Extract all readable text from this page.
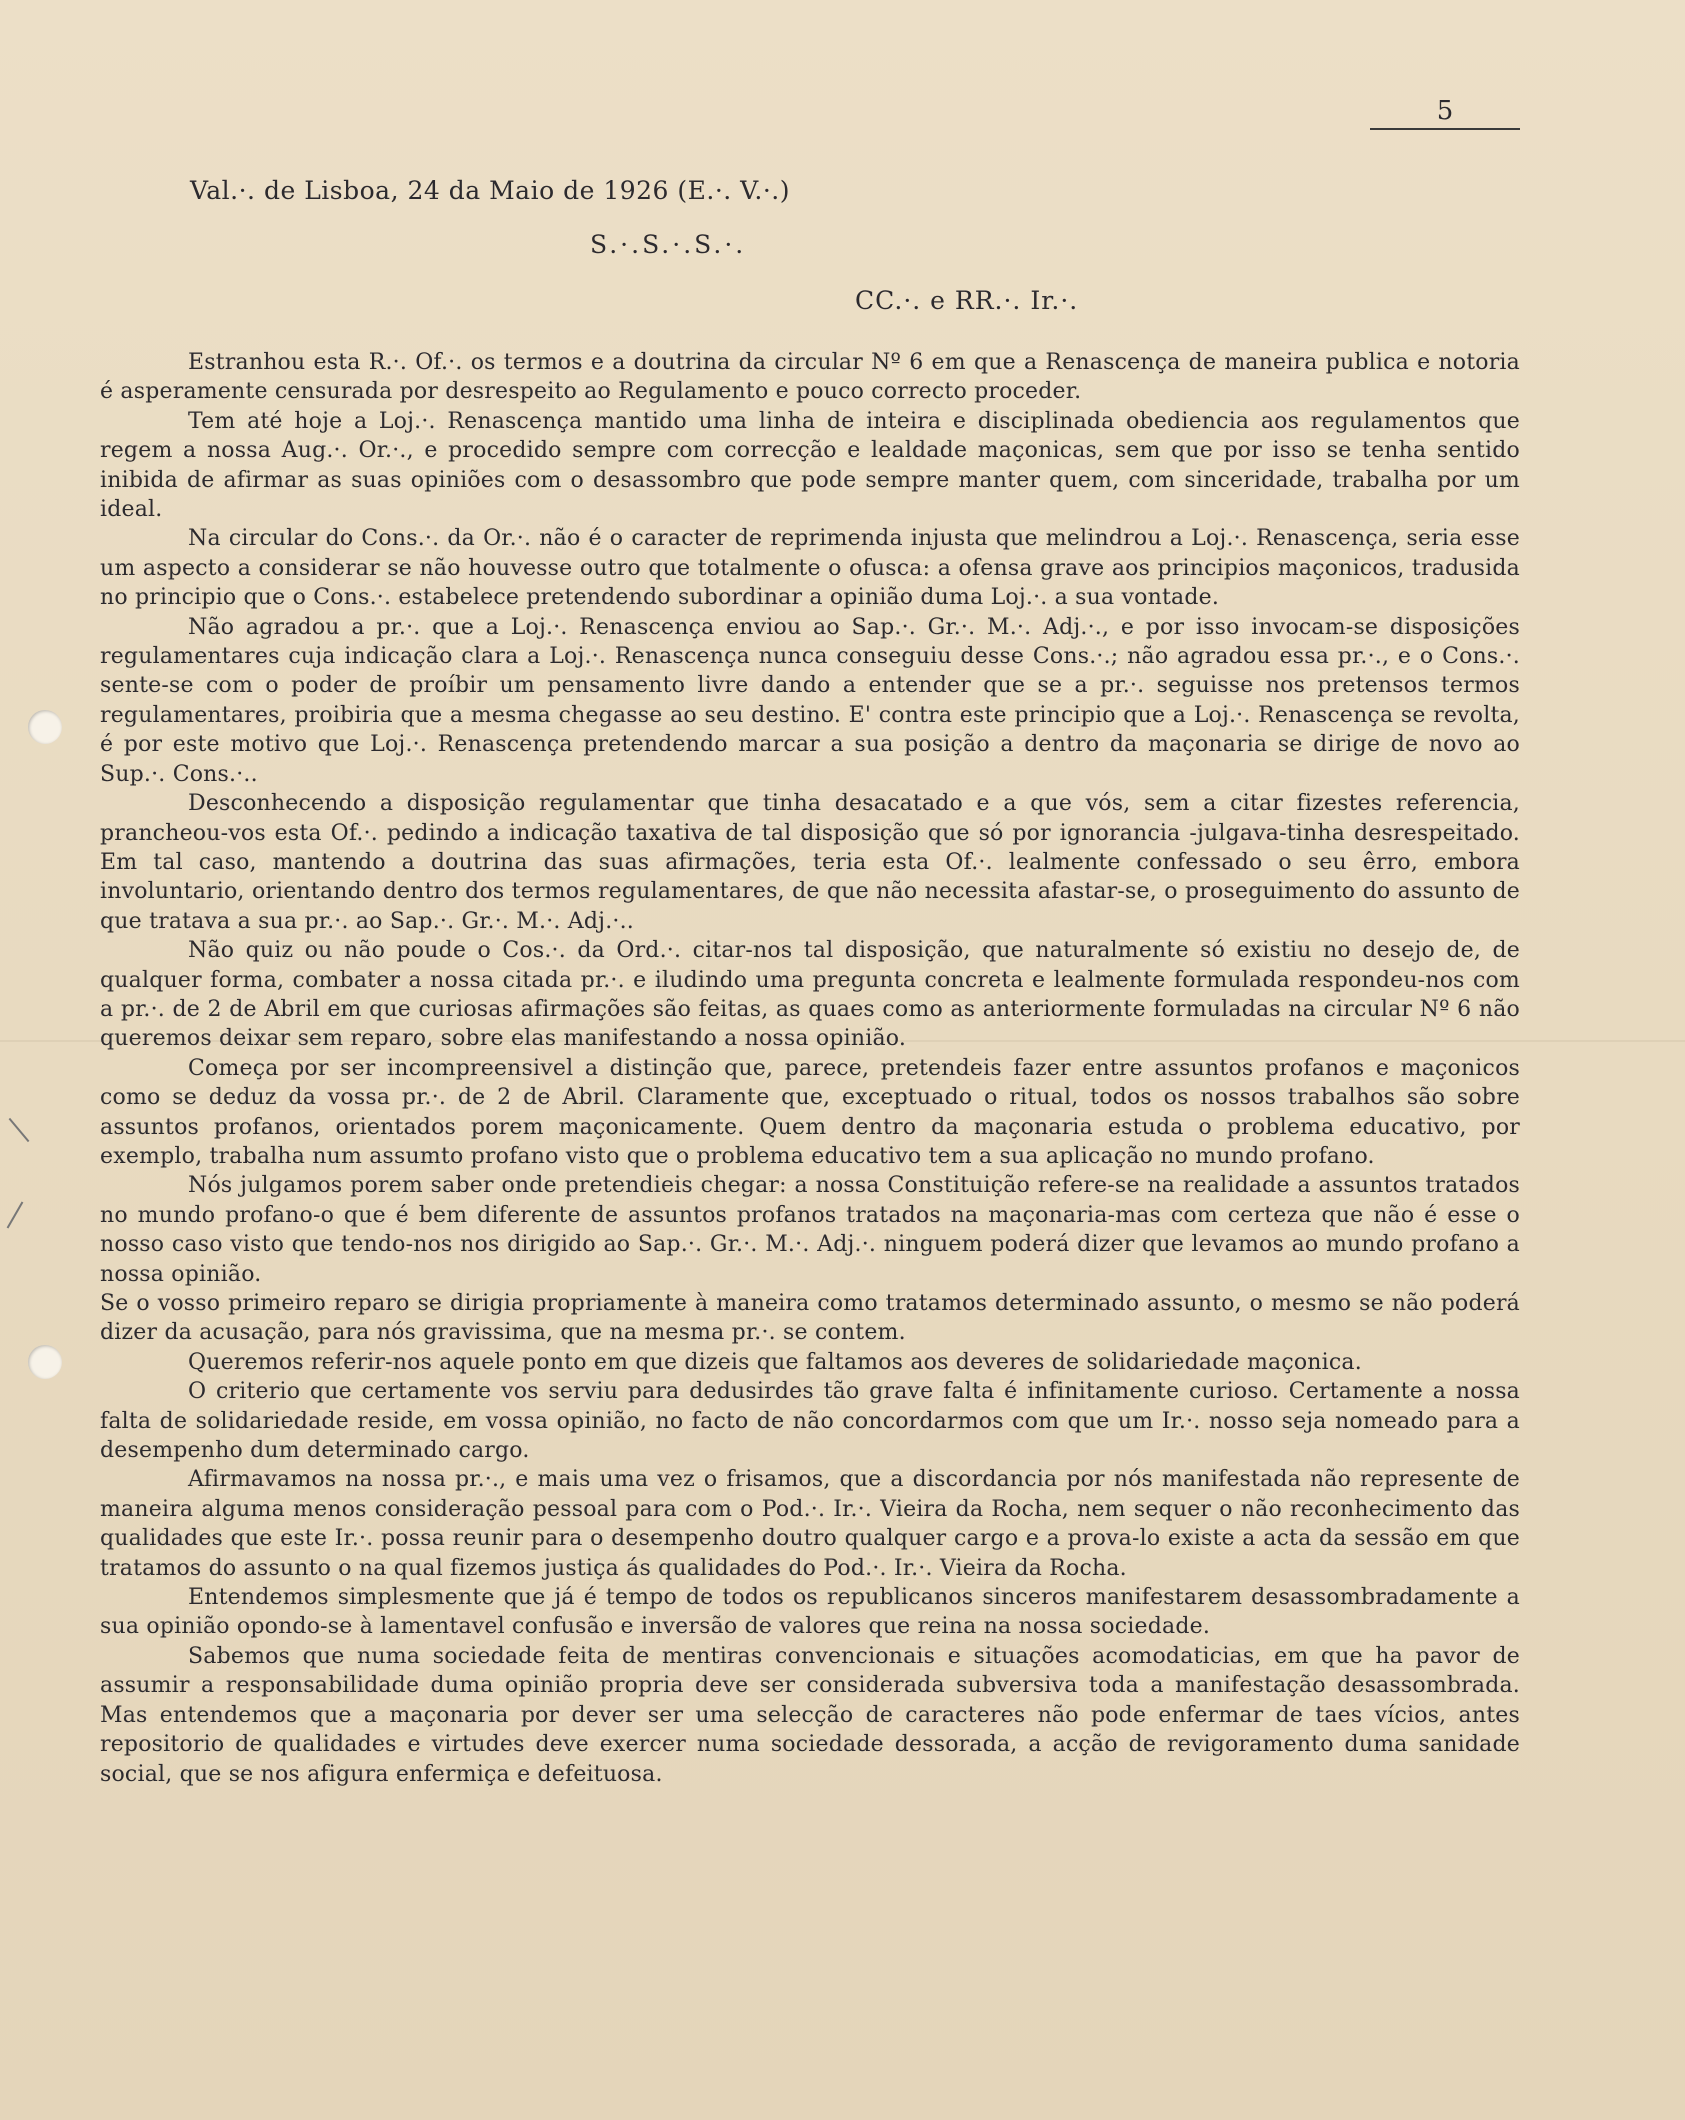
5
Val.·. de Lisboa, 24 da Maio de 1926 (E.·. V.·.)
S.·.S.·.S.·.
CC.·. e RR.·. Ir.·.

Estranhou esta R.·. Of.·. os termos e a doutrina da circular Nº 6 em que a Renascença de maneira publica e notoria é asperamente censurada por desrespeito ao Regulamento e pouco correcto proceder.

Tem até hoje a Loj.·. Renascença mantido uma linha de inteira e disciplinada obediencia aos regulamentos que regem a nossa Aug.·. Or.·., e procedido sempre com correcção e lealdade maçonicas, sem que por isso se tenha sentido inibida de afirmar as suas opiniões com o desassombro que pode sempre manter quem, com sinceridade, trabalha por um ideal.

Na circular do Cons.·. da Or.·. não é o caracter de reprimenda injusta que melindrou a Loj.·. Renascença, seria esse um aspecto a considerar se não houvesse outro que totalmente o ofusca: a ofensa grave aos principios maçonicos, tradusida no principio que o Cons.·. estabelece pretendendo subordinar a opinião duma Loj.·. a sua vontade.

Não agradou a pr.·. que a Loj.·. Renascença enviou ao Sap.·. Gr.·. M.·. Adj.·., e por isso invocam-se disposições regulamentares cuja indicação clara a Loj.·. Renascença nunca conseguiu desse Cons.·.; não agradou essa pr.·., e o Cons.·. sente-se com o poder de proíbir um pensamento livre dando a entender que se a pr.·. seguisse nos pretensos termos regulamentares, proibiria que a mesma chegasse ao seu destino. E' contra este principio que a Loj.·. Renascença se revolta, é por este motivo que Loj.·. Renascença pretendendo marcar a sua posição a dentro da maçonaria se dirige de novo ao Sup.·. Cons.·..

Desconhecendo a disposição regulamentar que tinha desacatado e a que vós, sem a citar fizestes referencia, prancheou-vos esta Of.·. pedindo a indicação taxativa de tal disposição que só por ignorancia -julgava-tinha desrespeitado. Em tal caso, mantendo a doutrina das suas afirmações, teria esta Of.·. lealmente confessado o seu êrro, embora involuntario, orientando dentro dos termos regulamentares, de que não necessita afastar-se, o proseguimento do assunto de que tratava a sua pr.·. ao Sap.·. Gr.·. M.·. Adj.·..

Não quiz ou não poude o Cos.·. da Ord.·. citar-nos tal disposição, que naturalmente só existiu no desejo de, de qualquer forma, combater a nossa citada pr.·. e iludindo uma pregunta concreta e lealmente formulada respondeu-nos com a pr.·. de 2 de Abril em que curiosas afirmações são feitas, as quaes como as anteriormente formuladas na circular Nº 6 não queremos deixar sem reparo, sobre elas manifestando a nossa opinião.

Começa por ser incompreensivel a distinção que, parece, pretendeis fazer entre assuntos profanos e maçonicos como se deduz da vossa pr.·. de 2 de Abril. Claramente que, exceptuado o ritual, todos os nossos trabalhos são sobre assuntos profanos, orientados porem maçonicamente. Quem dentro da maçonaria estuda o problema educativo, por exemplo, trabalha num assumto profano visto que o problema educativo tem a sua aplicação no mundo profano.

Nós julgamos porem saber onde pretendieis chegar: a nossa Constituição refere-se na realidade a assuntos tratados no mundo profano-o que é bem diferente de assuntos profanos tratados na maçonaria-mas com certeza que não é esse o nosso caso visto que tendo-nos nos dirigido ao Sap.·. Gr.·. M.·. Adj.·. ninguem poderá dizer que levamos ao mundo profano a nossa opinião.

Se o vosso primeiro reparo se dirigia propriamente à maneira como tratamos determinado assunto, o mesmo se não poderá dizer da acusação, para nós gravissima, que na mesma pr.·. se contem.

Queremos referir-nos aquele ponto em que dizeis que faltamos aos deveres de solidariedade maçonica.

O criterio que certamente vos serviu para dedusirdes tão grave falta é infinitamente curioso. Certamente a nossa falta de solidariedade reside, em vossa opinião, no facto de não concordarmos com que um Ir.·. nosso seja nomeado para a desempenho dum determinado cargo.

Afirmavamos na nossa pr.·., e mais uma vez o frisamos, que a discordancia por nós manifestada não represente de maneira alguma menos consideração pessoal para com o Pod.·. Ir.·. Vieira da Rocha, nem sequer o não reconhecimento das qualidades que este Ir.·. possa reunir para o desempenho doutro qualquer cargo e a prova-lo existe a acta da sessão em que tratamos do assunto o na qual fizemos justiça ás qualidades do Pod.·. Ir.·. Vieira da Rocha.

Entendemos simplesmente que já é tempo de todos os republicanos sinceros manifestarem desassombradamente a sua opinião opondo-se à lamentavel confusão e inversão de valores que reina na nossa sociedade.

Sabemos que numa sociedade feita de mentiras convencionais e situações acomodaticias, em que ha pavor de assumir a responsabilidade duma opinião propria deve ser considerada subversiva toda a manifestação desassombrada. Mas entendemos que a maçonaria por dever ser uma selecção de caracteres não pode enfermar de taes vícios, antes repositorio de qualidades e virtudes deve exercer numa sociedade dessorada, a acção de revigoramento duma sanidade social, que se nos afigura enfermiça e defeituosa.
